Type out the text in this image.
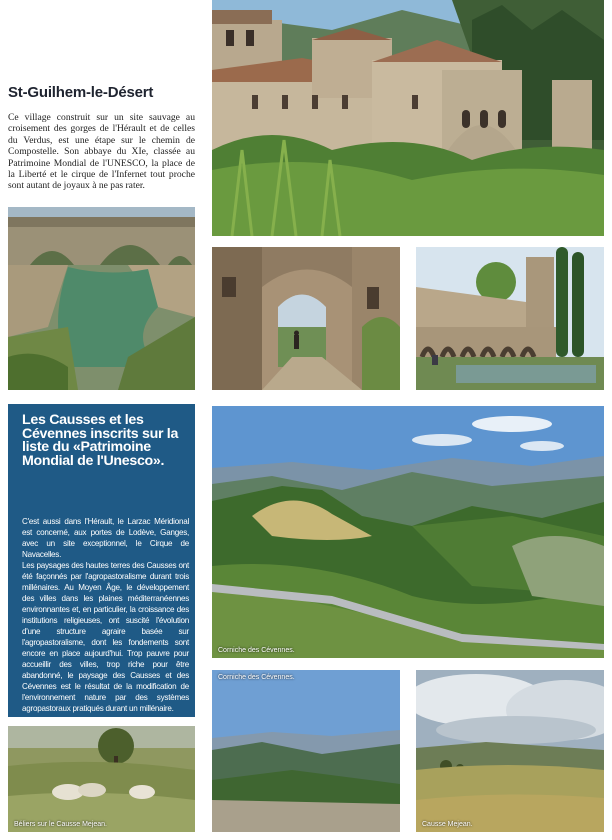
St-Guilhem-le-Désert

Ce village construit sur un site sauvage au croisement des gorges de l'Hérault et de celles du Verdus, est une étape sur le chemin de Compostelle. Son abbaye du XIe, classée au Patrimoine Mondial de l'UNESCO, la place de la Liberté et le cirque de l'Infernet tout proche sont autant de joyaux à ne pas rater.

Les Causses et les Cévennes inscrits sur la liste du «Patrimoine Mondial de l'Unesco».

C'est aussi dans l'Hérault, le Larzac Méridional est concerné, aux portes de Lodève, Ganges, avec un site exceptionnel, le Cirque de Navacelles.

Les paysages des hautes terres des Causses ont été façonnés par l'agropastoralisme durant trois millénaires. Au Moyen Âge, le développement des villes dans les plaines méditerranéennes environnantes et, en particulier, la croissance des institutions religieuses, ont suscité l'évolution d'une structure agraire basée sur l'agropastoralisme, dont les fondements sont encore en place aujourd'hui. Trop pauvre pour accueillir des villes, trop riche pour être abandonné, le paysage des Causses et des Cévennes est le résultat de la modification de l'environnement nature par des systèmes agropastoraux pratiqués durant un millénaire.

Corniche des Cévennes.
Béliers sur le Causse Mejean.
Corniche des Cévennes.
Causse Mejean.
